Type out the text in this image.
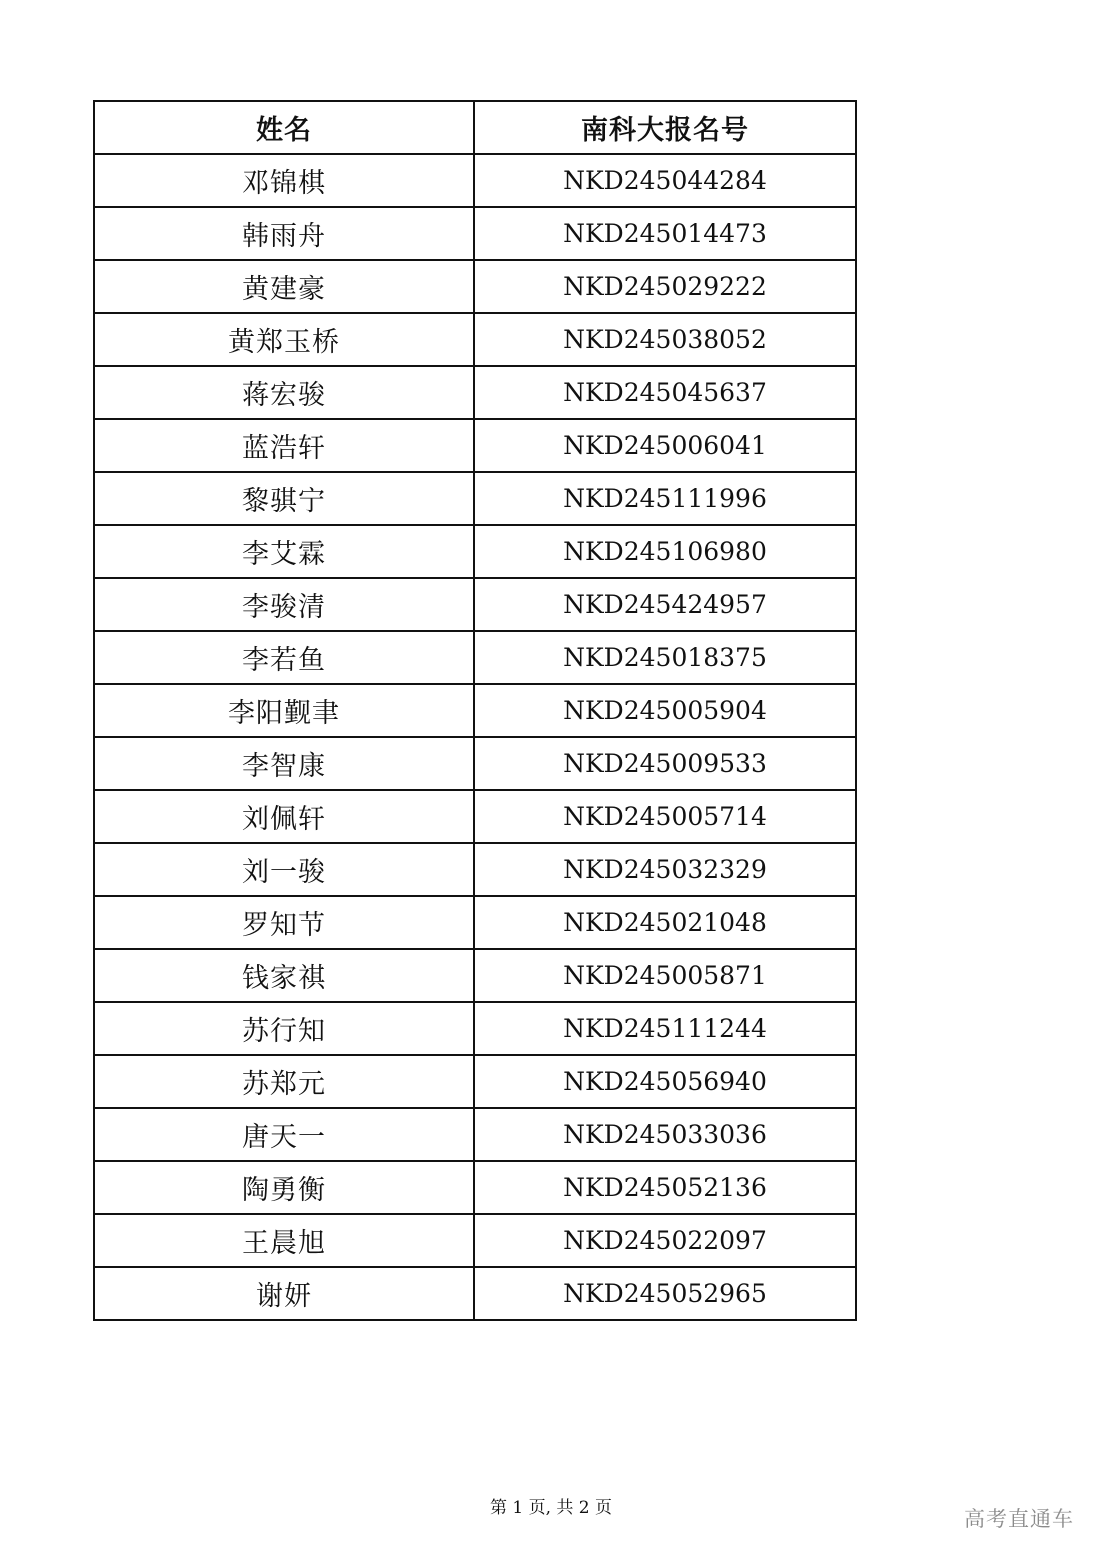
姓名	南科大报名号
邓锦棋	NKD245044284
韩雨舟	NKD245014473
黄建豪	NKD245029222
黄郑玉桥	NKD245038052
蒋宏骏	NKD245045637
蓝浩轩	NKD245006041
黎骐宁	NKD245111996
李艾霖	NKD245106980
李骏清	NKD245424957
李若鱼	NKD245018375
李阳觐聿	NKD245005904
李智康	NKD245009533
刘佩轩	NKD245005714
刘一骏	NKD245032329
罗知节	NKD245021048
钱家祺	NKD245005871
苏行知	NKD245111244
苏郑元	NKD245056940
唐天一	NKD245033036
陶勇衡	NKD245052136
王晨旭	NKD245022097
谢妍	NKD245052965
第 1 页, 共 2 页	高考直通车
